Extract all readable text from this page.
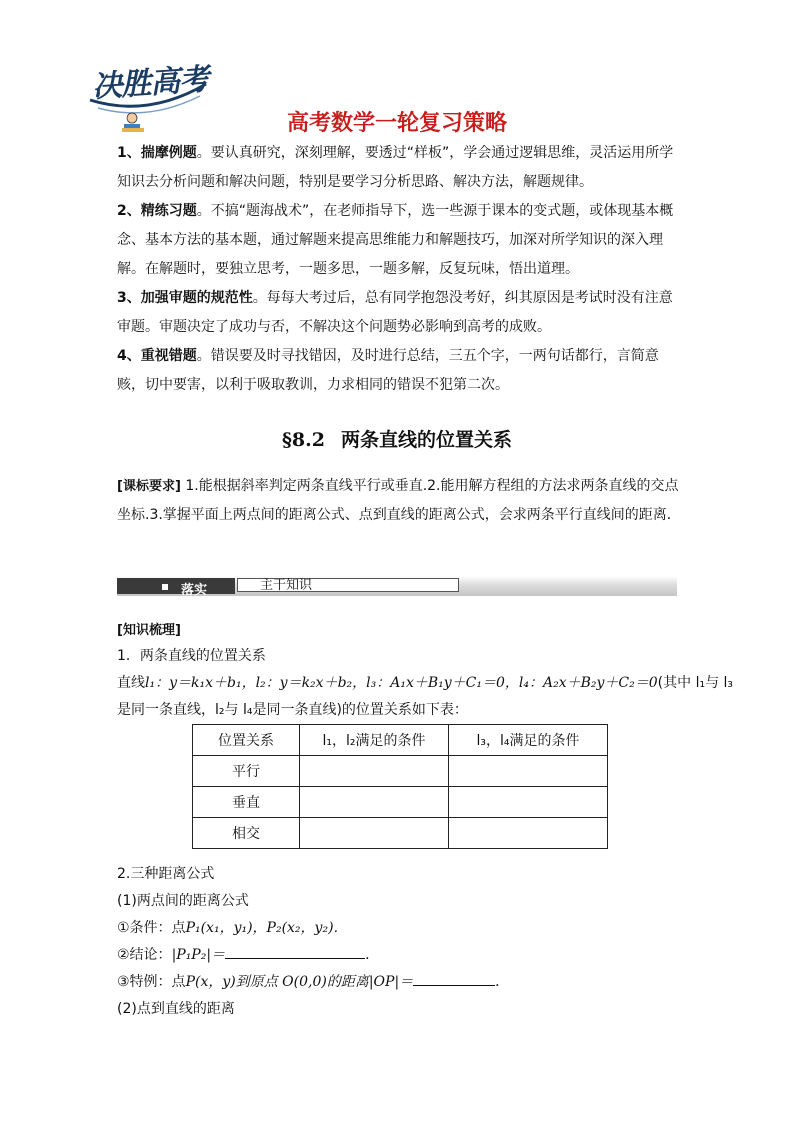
决胜高考
高考数学一轮复习策略
1、揣摩例题。要认真研究，深刻理解，要透过“样板”，学会通过逻辑思维，灵活运用所学知识去分析问题和解决问题，特别是要学习分析思路、解决方法，解题规律。
2、精练习题。不搞“题海战术”，在老师指导下，选一些源于课本的变式题，或体现基本概念、基本方法的基本题，通过解题来提高思维能力和解题技巧，加深对所学知识的深入理解。在解题时，要独立思考，一题多思，一题多解，反复玩味，悟出道理。
3、加强审题的规范性。每每大考过后，总有同学抱怨没考好，纠其原因是考试时没有注意审题。审题决定了成功与否，不解决这个问题势必影响到高考的成败。
4、重视错题。错误要及时寻找错因，及时进行总结，三五个字，一两句话都行，言简意赅，切中要害，以利于吸取教训，力求相同的错误不犯第二次。
§8.2 两条直线的位置关系
[课标要求] 1.能根据斜率判定两条直线平行或垂直.2.能用解方程组的方法求两条直线的交点坐标.3.掌握平面上两点间的距离公式、点到直线的距离公式，会求两条平行直线间的距离．
落实	主干知识
[知识梳理]
1．两条直线的位置关系
直线l₁：y＝k₁x＋b₁，l₂：y＝k₂x＋b₂，l₃：A₁x＋B₁y＋C₁＝0，l₄：A₂x＋B₂y＋C₂＝0(其中 l₁与 l₃
是同一条直线，l₂与 l₄是同一条直线)的位置关系如下表：
位置关系	l₁，l₂满足的条件	l₃，l₄满足的条件
平行		
垂直		
相交		
2.三种距离公式
(1)两点间的距离公式
①条件：点P₁(x₁，y₁)，P₂(x₂，y₂)．
②结论：|P₁P₂|＝	．
③特例：点P(x，y)到原点 O(0,0)的距离|OP|＝	．
(2)点到直线的距离
